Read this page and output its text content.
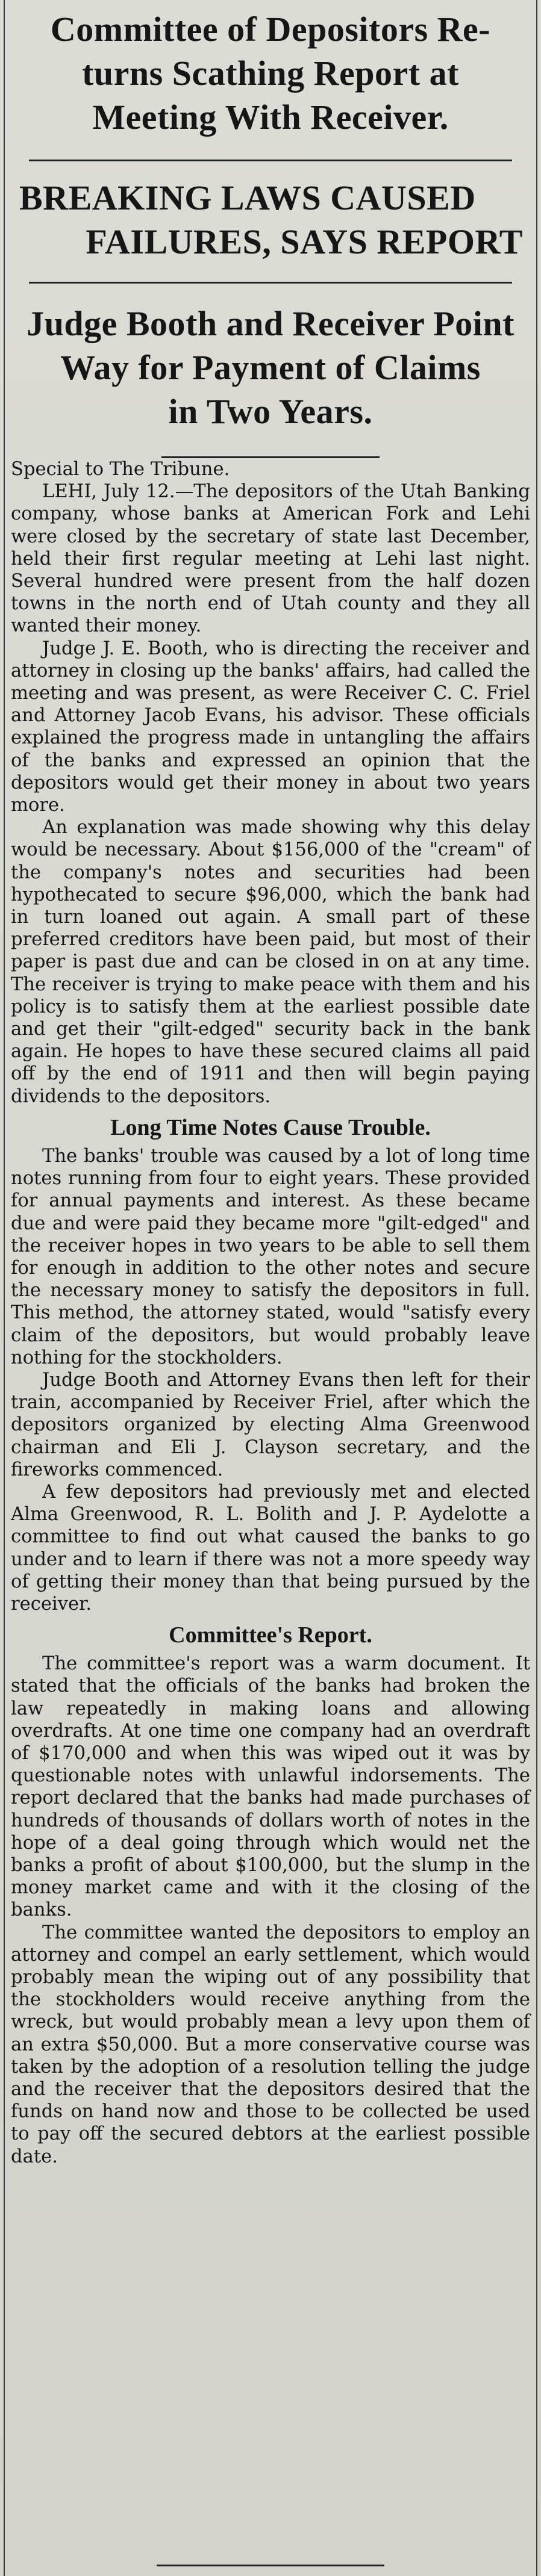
Committee of Depositors Re-
turns Scathing Report at
Meeting With Receiver.
BREAKING LAWS CAUSED
FAILURES, SAYS REPORT
Judge Booth and Receiver Point
Way for Payment of Claims
in Two Years.

Special to The Tribune.

LEHI, July 12.—The depositors of the Utah Banking company, whose banks at American Fork and Lehi were closed by the secretary of state last December, held their first regular meeting at Lehi last night. Several hundred were present from the half dozen towns in the north end of Utah county and they all wanted their money.

Judge J. E. Booth, who is directing the receiver and attorney in closing up the banks' affairs, had called the meeting and was present, as were Receiver C. C. Friel and Attorney Jacob Evans, his advisor. These officials explained the progress made in untangling the affairs of the banks and expressed an opinion that the depositors would get their money in about two years more.

An explanation was made showing why this delay would be necessary. About $156,000 of the "cream" of the company's notes and securities had been hypothecated to secure $96,000, which the bank had in turn loaned out again. A small part of these preferred creditors have been paid, but most of their paper is past due and can be closed in on at any time. The receiver is trying to make peace with them and his policy is to satisfy them at the earliest possible date and get their "gilt-edged" security back in the bank again. He hopes to have these secured claims all paid off by the end of 1911 and then will begin paying dividends to the depositors.

Long Time Notes Cause Trouble.

The banks' trouble was caused by a lot of long time notes running from four to eight years. These provided for annual payments and interest. As these became due and were paid they became more "gilt-edged" and the receiver hopes in two years to be able to sell them for enough in addition to the other notes and secure the necessary money to satisfy the depositors in full. This method, the attorney stated, would "satisfy every claim of the depositors, but would probably leave nothing for the stockholders.

Judge Booth and Attorney Evans then left for their train, accompanied by Receiver Friel, after which the depositors organized by electing Alma Greenwood chairman and Eli J. Clayson secretary, and the fireworks commenced.

A few depositors had previously met and elected Alma Greenwood, R. L. Bolith and J. P. Aydelotte a committee to find out what caused the banks to go under and to learn if there was not a more speedy way of getting their money than that being pursued by the receiver.

Committee's Report.

The committee's report was a warm document. It stated that the officials of the banks had broken the law repeatedly in making loans and allowing overdrafts. At one time one company had an overdraft of $170,000 and when this was wiped out it was by questionable notes with unlawful indorsements. The report declared that the banks had made purchases of hundreds of thousands of dollars worth of notes in the hope of a deal going through which would net the banks a profit of about $100,000, but the slump in the money market came and with it the closing of the banks.

The committee wanted the depositors to employ an attorney and compel an early settlement, which would probably mean the wiping out of any possibility that the stockholders would receive anything from the wreck, but would probably mean a levy upon them of an extra $50,000. But a more conservative course was taken by the adoption of a resolution telling the judge and the receiver that the depositors desired that the funds on hand now and those to be collected be used to pay off the secured debtors at the earliest possible date.
